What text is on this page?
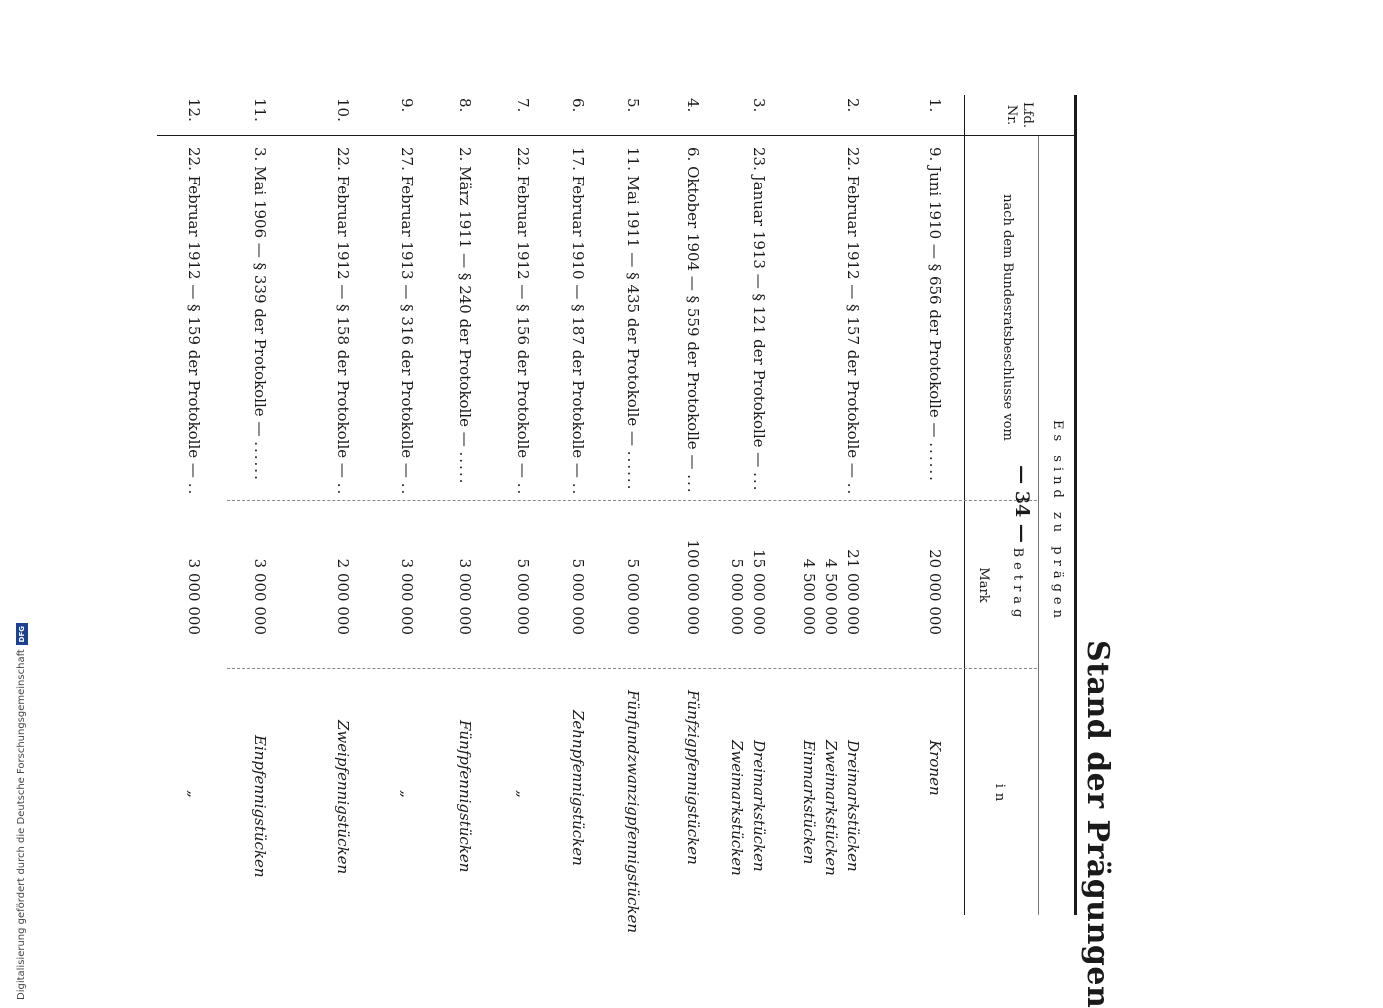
Digitalisierung gefördert durch die Deutsche Forschungsgemeinschaft
DFG
Stand der Prägungen
— 34 —	Es sind zu prägen
Lfd. Nr.
nach dem Bundesratsbeschlusse vom
Betrag
Mark
in
1.
9. Juni 1910 — § 656 der Protokolle — ......
20 000 000
Kronen
2.
22. Februar 1912 — § 157 der Protokolle — ..
21 000 000
4 500 000
4 500 000
Dreimarkstücken
Zweimarkstücken
Einmarkstücken
3.
23. Januar 1913 — § 121 der Protokolle — ...
15 000 000
5 000 000
Dreimarkstücken
Zweimarkstücken
4.
6. Oktober 1904 — § 559 der Protokolle — ...
100 000 000
Fünfzigpfennigstücken
5.
11. Mai 1911 — § 435 der Protokolle — ......
5 000 000
Fünfundzwanzigpfennigstücken
6.
17. Februar 1910 — § 187 der Protokolle — ..
5 000 000
Zehnpfennigstücken
7.
22. Februar 1912 — § 156 der Protokolle — ..
5 000 000
„
8.
2. März 1911 — § 240 der Protokolle — .....
3 000 000
Fünfpfennigstücken
9.
27. Februar 1913 — § 316 der Protokolle — ..
3 000 000
„
10.
22. Februar 1912 — § 158 der Protokolle — ..
2 000 000
Zweipfennigstücken
11.
3. Mai 1906 — § 339 der Protokolle — ......
3 000 000
Einpfennigstücken
12.
22. Februar 1912 — § 159 der Protokolle — ..
3 000 000
„
